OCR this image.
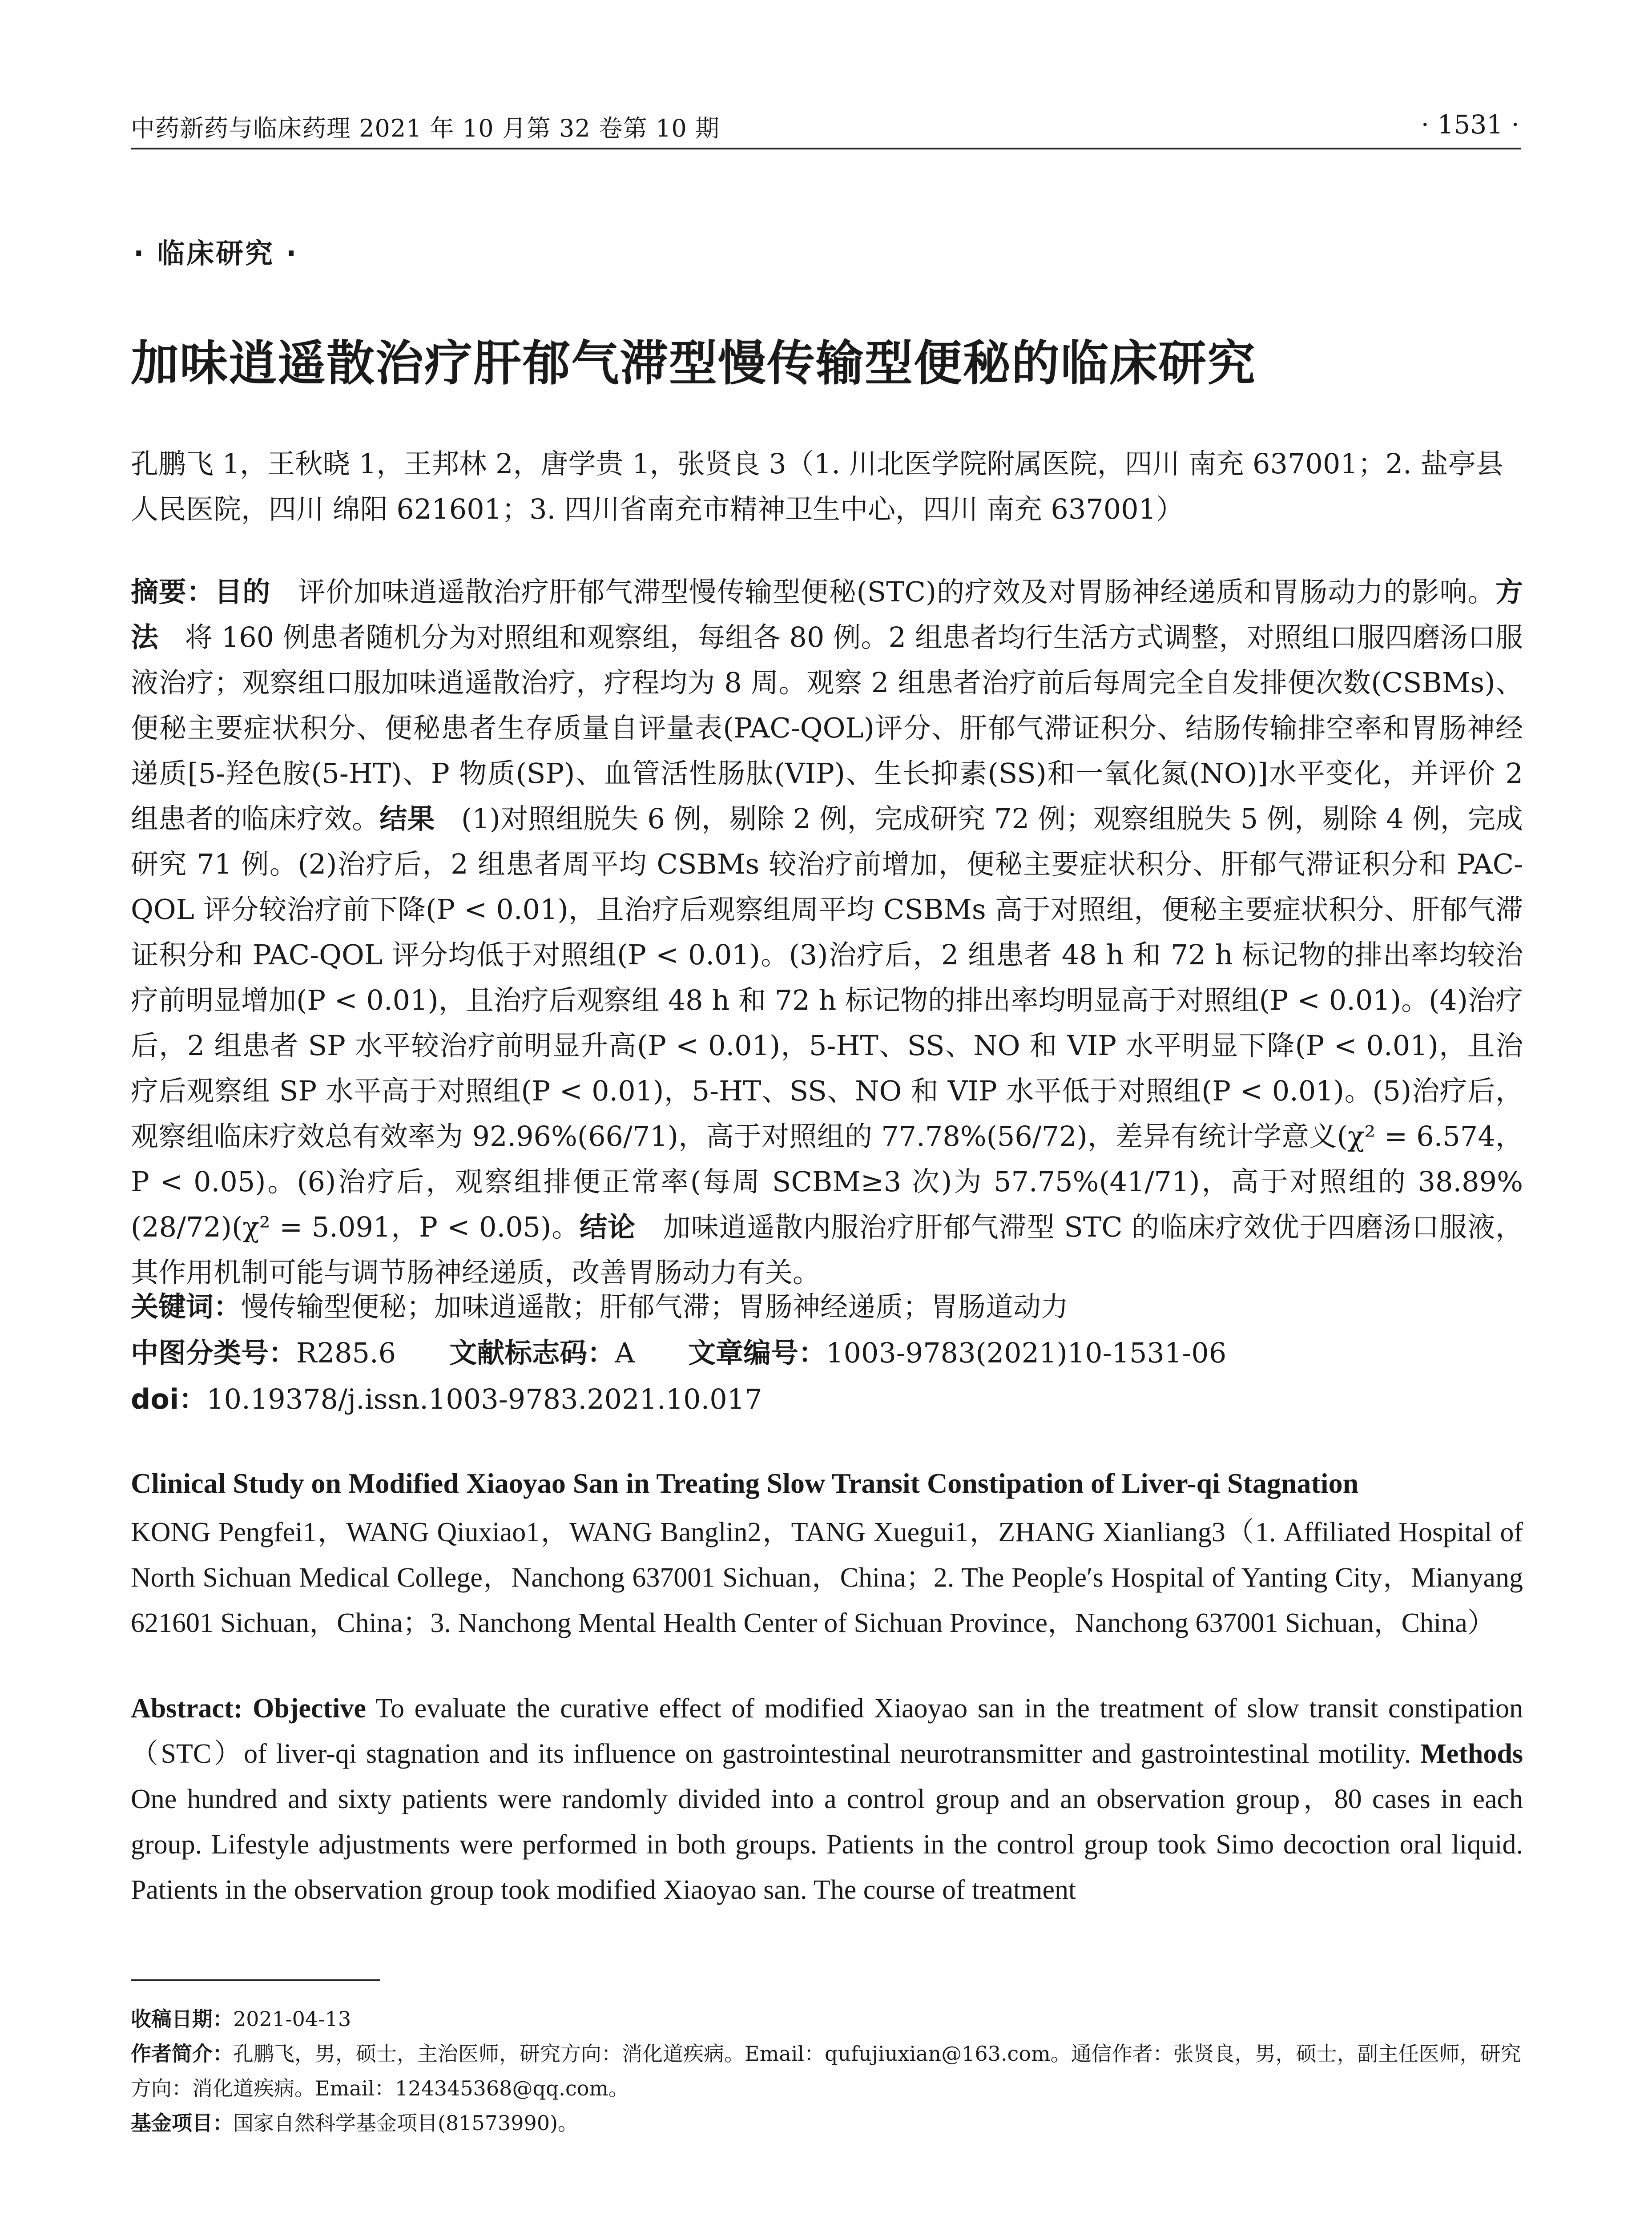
中药新药与临床药理 2021 年 10 月第 32 卷第 10 期	· 1531 ·
· 临床研究 ·
加味逍遥散治疗肝郁气滞型慢传输型便秘的临床研究
孔鹏飞 1，王秋晓 1，王邦林 2，唐学贵 1，张贤良 3（1. 川北医学院附属医院，四川 南充 637001；2. 盐亭县人民医院，四川 绵阳 621601；3. 四川省南充市精神卫生中心，四川 南充 637001）
摘要：目的 评价加味逍遥散治疗肝郁气滞型慢传输型便秘(STC)的疗效及对胃肠神经递质和胃肠动力的影响。方法 将 160 例患者随机分为对照组和观察组，每组各 80 例。2 组患者均行生活方式调整，对照组口服四磨汤口服液治疗；观察组口服加味逍遥散治疗，疗程均为 8 周。观察 2 组患者治疗前后每周完全自发排便次数(CSBMs)、便秘主要症状积分、便秘患者生存质量自评量表(PAC-QOL)评分、肝郁气滞证积分、结肠传输排空率和胃肠神经递质[5-羟色胺(5-HT)、P 物质(SP)、血管活性肠肽(VIP)、生长抑素(SS)和一氧化氮(NO)]水平变化，并评价 2 组患者的临床疗效。结果 (1)对照组脱失 6 例，剔除 2 例，完成研究 72 例；观察组脱失 5 例，剔除 4 例，完成研究 71 例。(2)治疗后，2 组患者周平均 CSBMs 较治疗前增加，便秘主要症状积分、肝郁气滞证积分和 PAC-QOL 评分较治疗前下降(P < 0.01)，且治疗后观察组周平均 CSBMs 高于对照组，便秘主要症状积分、肝郁气滞证积分和 PAC-QOL 评分均低于对照组(P < 0.01)。(3)治疗后，2 组患者 48 h 和 72 h 标记物的排出率均较治疗前明显增加(P < 0.01)，且治疗后观察组 48 h 和 72 h 标记物的排出率均明显高于对照组(P < 0.01)。(4)治疗后，2 组患者 SP 水平较治疗前明显升高(P < 0.01)，5-HT、SS、NO 和 VIP 水平明显下降(P < 0.01)，且治疗后观察组 SP 水平高于对照组(P < 0.01)，5-HT、SS、NO 和 VIP 水平低于对照组(P < 0.01)。(5)治疗后，观察组临床疗效总有效率为 92.96%(66/71)，高于对照组的 77.78%(56/72)，差异有统计学意义(χ² = 6.574，P < 0.05)。(6)治疗后，观察组排便正常率(每周 SCBM≥3 次)为 57.75%(41/71)，高于对照组的 38.89%(28/72)(χ² = 5.091，P < 0.05)。结论 加味逍遥散内服治疗肝郁气滞型 STC 的临床疗效优于四磨汤口服液，其作用机制可能与调节肠神经递质，改善胃肠动力有关。
关键词：慢传输型便秘；加味逍遥散；肝郁气滞；胃肠神经递质；胃肠道动力
中图分类号：R285.6 文献标志码：A 文章编号：1003-9783(2021)10-1531-06
doi：10.19378/j.issn.1003-9783.2021.10.017
Clinical Study on Modified Xiaoyao San in Treating Slow Transit Constipation of Liver-qi Stagnation
KONG Pengfei1，WANG Qiuxiao1，WANG Banglin2，TANG Xuegui1，ZHANG Xianliang3（1. Affiliated Hospital of North Sichuan Medical College，Nanchong 637001 Sichuan，China；2. The People′s Hospital of Yanting City，Mianyang 621601 Sichuan，China；3. Nanchong Mental Health Center of Sichuan Province，Nanchong 637001 Sichuan，China）
Abstract: Objective To evaluate the curative effect of modified Xiaoyao san in the treatment of slow transit constipation（STC）of liver-qi stagnation and its influence on gastrointestinal neurotransmitter and gastrointestinal motility. Methods One hundred and sixty patients were randomly divided into a control group and an observation group，80 cases in each group. Lifestyle adjustments were performed in both groups. Patients in the control group took Simo decoction oral liquid. Patients in the observation group took modified Xiaoyao san. The course of treatment

收稿日期：2021-04-13

作者简介：孔鹏飞，男，硕士，主治医师，研究方向：消化道疾病。Email：qufujiuxian@163.com。通信作者：张贤良，男，硕士，副主任医师，研究方向：消化道疾病。Email：124345368@qq.com。

基金项目：国家自然科学基金项目(81573990)。
